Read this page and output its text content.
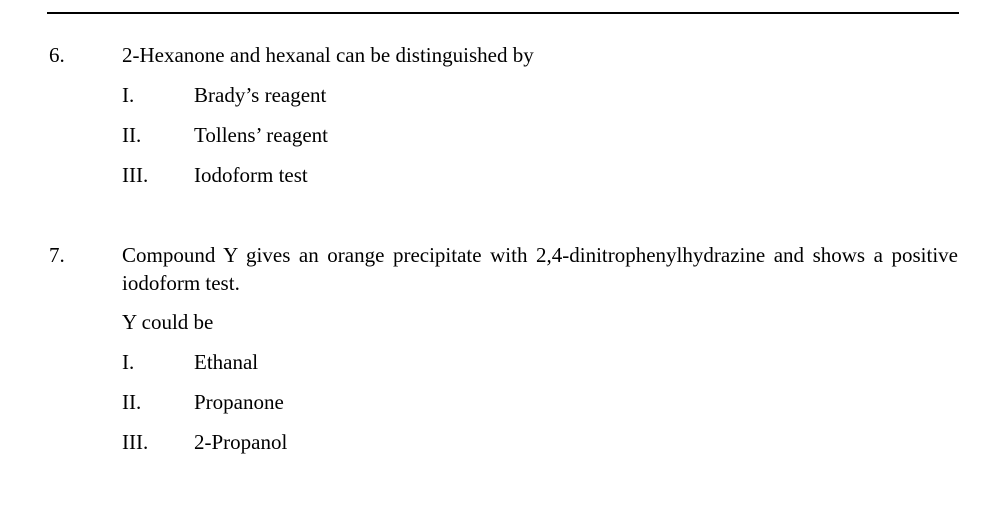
6.	2-Hexanone and hexanal can be distinguished by
I.	Brady’s reagent
II.	Tollens’ reagent
III. Iodoform test
7.	Compound Y gives an orange precipitate with 2,4-dinitrophenylhydrazine and shows a positive iodoform test.
Y could be
I.	Ethanal
II.	Propanone
III. 2-Propanol
